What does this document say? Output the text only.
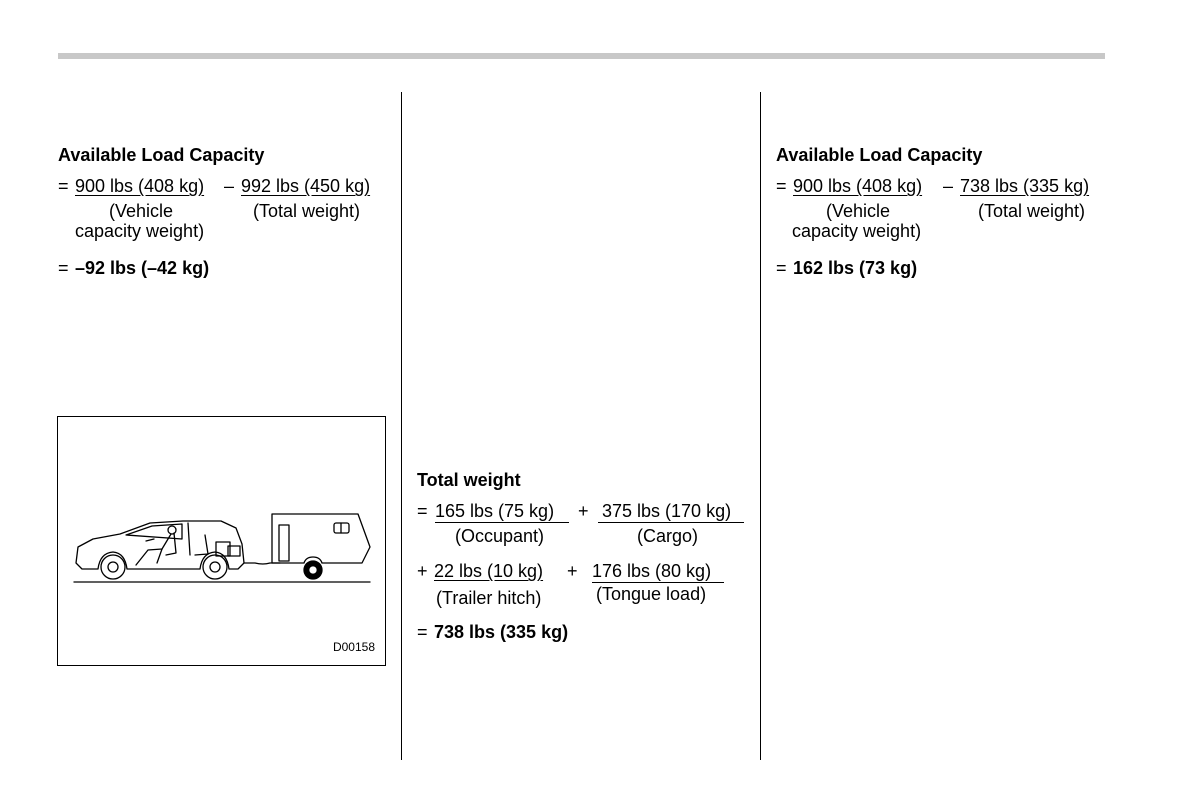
Available Load Capacity
= 900 lbs (408 kg) – 992 lbs (450 kg)
(Vehicle
capacity weight)
(Total weight)
= –92 lbs (–42 kg)
D00158
Total weight
= 165 lbs (75 kg) + 375 lbs (170 kg)
(Occupant)	(Cargo)
+ 22 lbs (10 kg) + 176 lbs (80 kg)
(Trailer hitch)	(Tongue load)
= 738 lbs (335 kg)
Available Load Capacity
= 900 lbs (408 kg) – 738 lbs (335 kg)
(Vehicle
capacity weight)
(Total weight)
= 162 lbs (73 kg)
